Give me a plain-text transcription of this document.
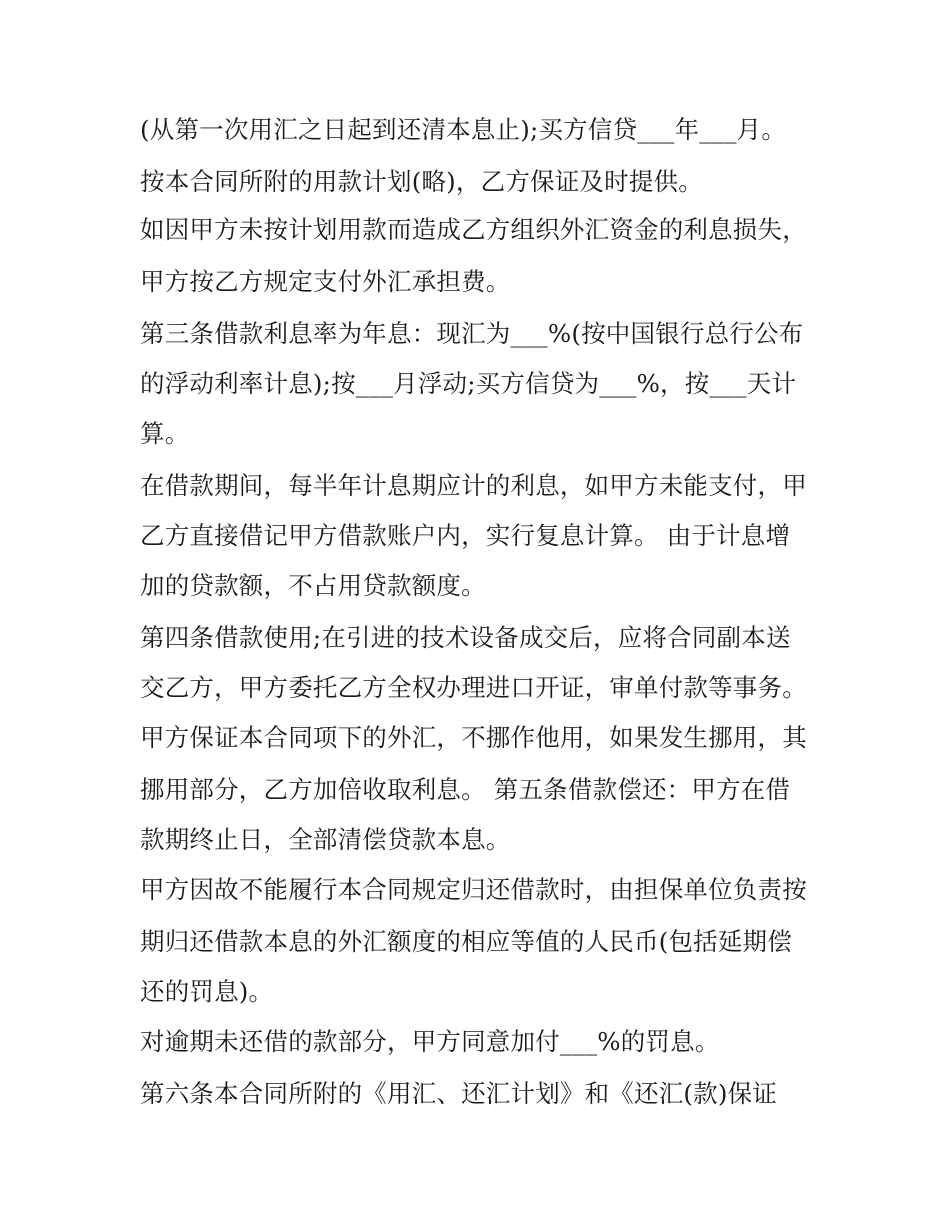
(从第一次用汇之日起到还清本息止);买方信贷___年___月。
按本合同所附的用款计划(略)，乙方保证及时提供。
如因甲方未按计划用款而造成乙方组织外汇资金的利息损失，
甲方按乙方规定支付外汇承担费。
第三条借款利息率为年息：现汇为___%(按中国银行总行公布
的浮动利率计息);按___月浮动;买方信贷为___%，按___天计
算。
在借款期间，每半年计息期应计的利息，如甲方未能支付，甲
乙方直接借记甲方借款账户内，实行复息计算。 由于计息增
加的贷款额，不占用贷款额度。
第四条借款使用;在引进的技术设备成交后，应将合同副本送
交乙方，甲方委托乙方全权办理进口开证，审单付款等事务。
甲方保证本合同项下的外汇，不挪作他用，如果发生挪用，其
挪用部分，乙方加倍收取利息。 第五条借款偿还：甲方在借
款期终止日，全部清偿贷款本息。
甲方因故不能履行本合同规定归还借款时，由担保单位负责按
期归还借款本息的外汇额度的相应等值的人民币(包括延期偿
还的罚息)。
对逾期未还借的款部分，甲方同意加付___%的罚息。
第六条本合同所附的《用汇、还汇计划》和《还汇(款)保证
